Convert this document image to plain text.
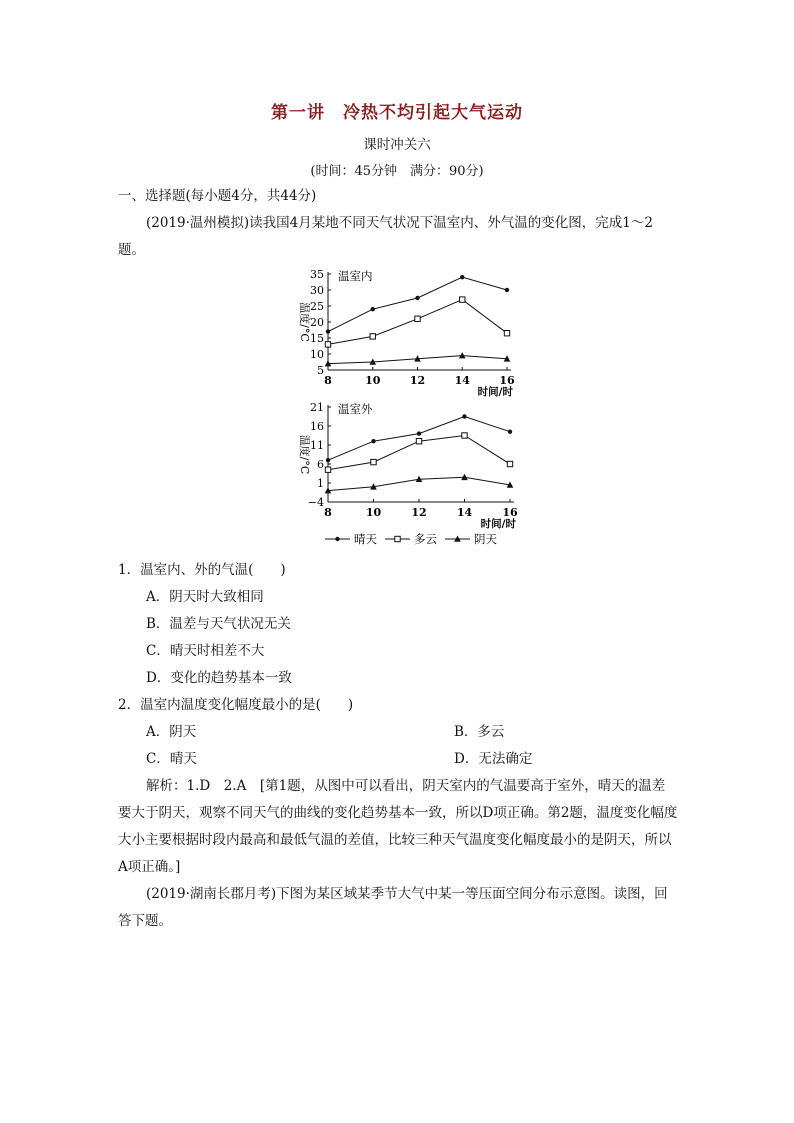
第一讲　冷热不均引起大气运动
课时冲关六
(时间：45分钟　满分：90分)
一、选择题(每小题4分，共44分)
(2019·温州模拟)读我国4月某地不同天气状况下温室内、外气温的变化图，完成1～2题。
5
10
15
20
25
30
35
8	10	12	14	16
时间/时
温度/°C
温室内
−4
1
6
11
16
21
8	10	12	14	16
时间/时
温度/°C
温室外
晴天	多云	阴天
1．温室内、外的气温(　　)
A．阴天时大致相同
B．温差与天气状况无关
C．晴天时相差不大
D．变化的趋势基本一致
2．温室内温度变化幅度最小的是(　　)
A．阴天	B．多云
C．晴天	D．无法确定
解析：1.D　2.A　[第1题，从图中可以看出，阴天室内的气温要高于室外，晴天的温差要大于阴天，观察不同天气的曲线的变化趋势基本一致，所以D项正确。第2题，温度变化幅度大小主要根据时段内最高和最低气温的差值，比较三种天气温度变化幅度最小的是阴天，所以A项正确。]
(2019·湖南长郡月考)下图为某区域某季节大气中某一等压面空间分布示意图。读图，回答下题。
